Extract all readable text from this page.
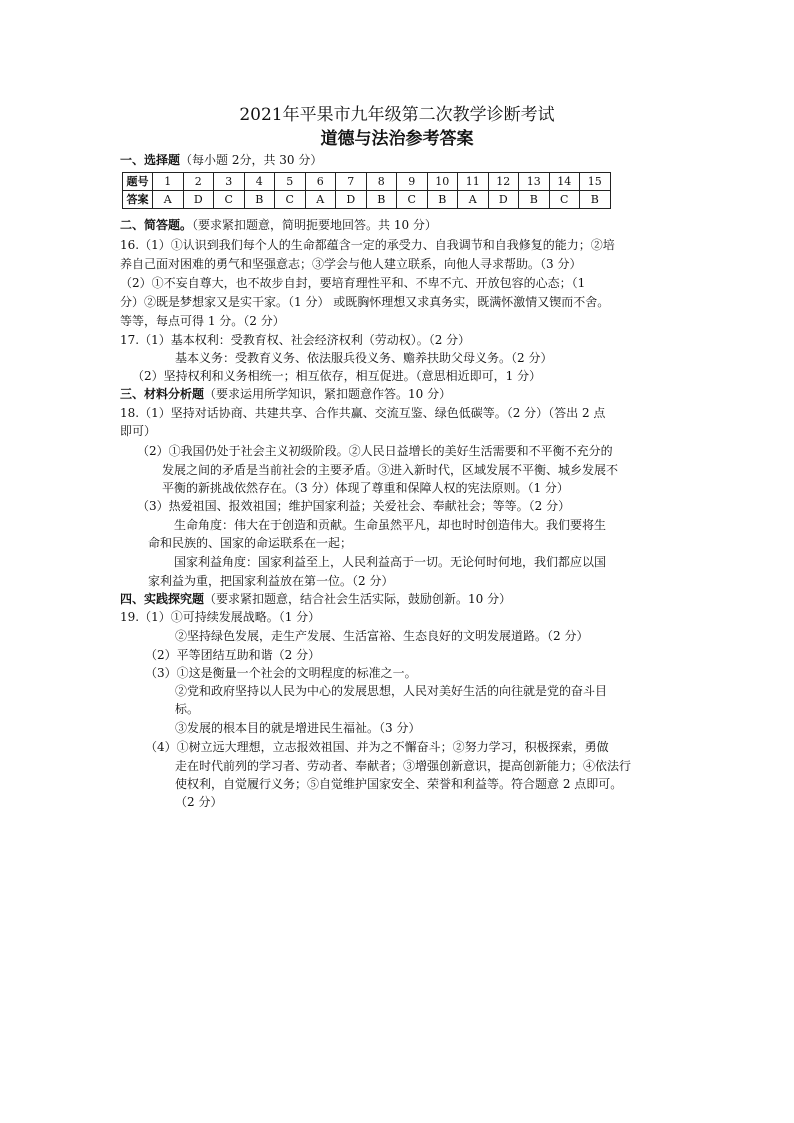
2021年平果市九年级第二次教学诊断考试
道德与法治参考答案
一、选择题（每小题 2分，共 30 分）
题号	1	2	3	4	5	6	7	8	9	10	11	12	13	14	15
答案	A	D	C	B	C	A	D	B	C	B	A	D	B	C	B
二、简答题。（要求紧扣题意，简明扼要地回答。共 10 分）
16.（1）①认识到我们每个人的生命都蕴含一定的承受力、自我调节和自我修复的能力；②培
养自己面对困难的勇气和坚强意志；③学会与他人建立联系，向他人寻求帮助。（3 分）
（2）①不妄自尊大，也不故步自封，要培育理性平和、不卑不亢、开放包容的心态；（1
分）②既是梦想家又是实干家。（1 分） 或既胸怀理想又求真务实，既满怀激情又锲而不舍。
等等，每点可得 1 分。（2 分）
17.（1）基本权利：受教育权、社会经济权利（劳动权）。（2 分）
基本义务：受教育义务、依法服兵役义务、赡养扶助父母义务。（2 分）
（2）坚持权利和义务相统一；相互依存，相互促进。（意思相近即可，1 分）
三、材料分析题（要求运用所学知识，紧扣题意作答。10 分）
18.（1）坚持对话协商、共建共享、合作共赢、交流互鉴、绿色低碳等。（2 分）（答出 2 点
即可）
（2）①我国仍处于社会主义初级阶段。②人民日益增长的美好生活需要和不平衡不充分的
发展之间的矛盾是当前社会的主要矛盾。③进入新时代，区域发展不平衡、城乡发展不
平衡的新挑战依然存在。（3 分）体现了尊重和保障人权的宪法原则。（1 分）
（3）热爱祖国、报效祖国；维护国家利益；关爱社会、奉献社会；等等。（2 分）
生命角度：伟大在于创造和贡献。生命虽然平凡，却也时时创造伟大。我们要将生
命和民族的、国家的命运联系在一起；
国家利益角度：国家利益至上，人民利益高于一切。无论何时何地，我们都应以国
家利益为重，把国家利益放在第一位。（2 分）
四、实践探究题（要求紧扣题意，结合社会生活实际，鼓励创新。10 分）
19.（1）①可持续发展战略。（1 分）
②坚持绿色发展，走生产发展、生活富裕、生态良好的文明发展道路。（2 分）
（2）平等团结互助和谐（2 分）
（3）①这是衡量一个社会的文明程度的标准之一。
②党和政府坚持以人民为中心的发展思想，人民对美好生活的向往就是党的奋斗目
标。
③发展的根本目的就是增进民生福祉。（3 分）
（4）①树立远大理想，立志报效祖国、并为之不懈奋斗；②努力学习，积极探索，勇做
走在时代前列的学习者、劳动者、奉献者；③增强创新意识，提高创新能力；④依法行
使权利，自觉履行义务；⑤自觉维护国家安全、荣誉和利益等。符合题意 2 点即可。
（2 分）
